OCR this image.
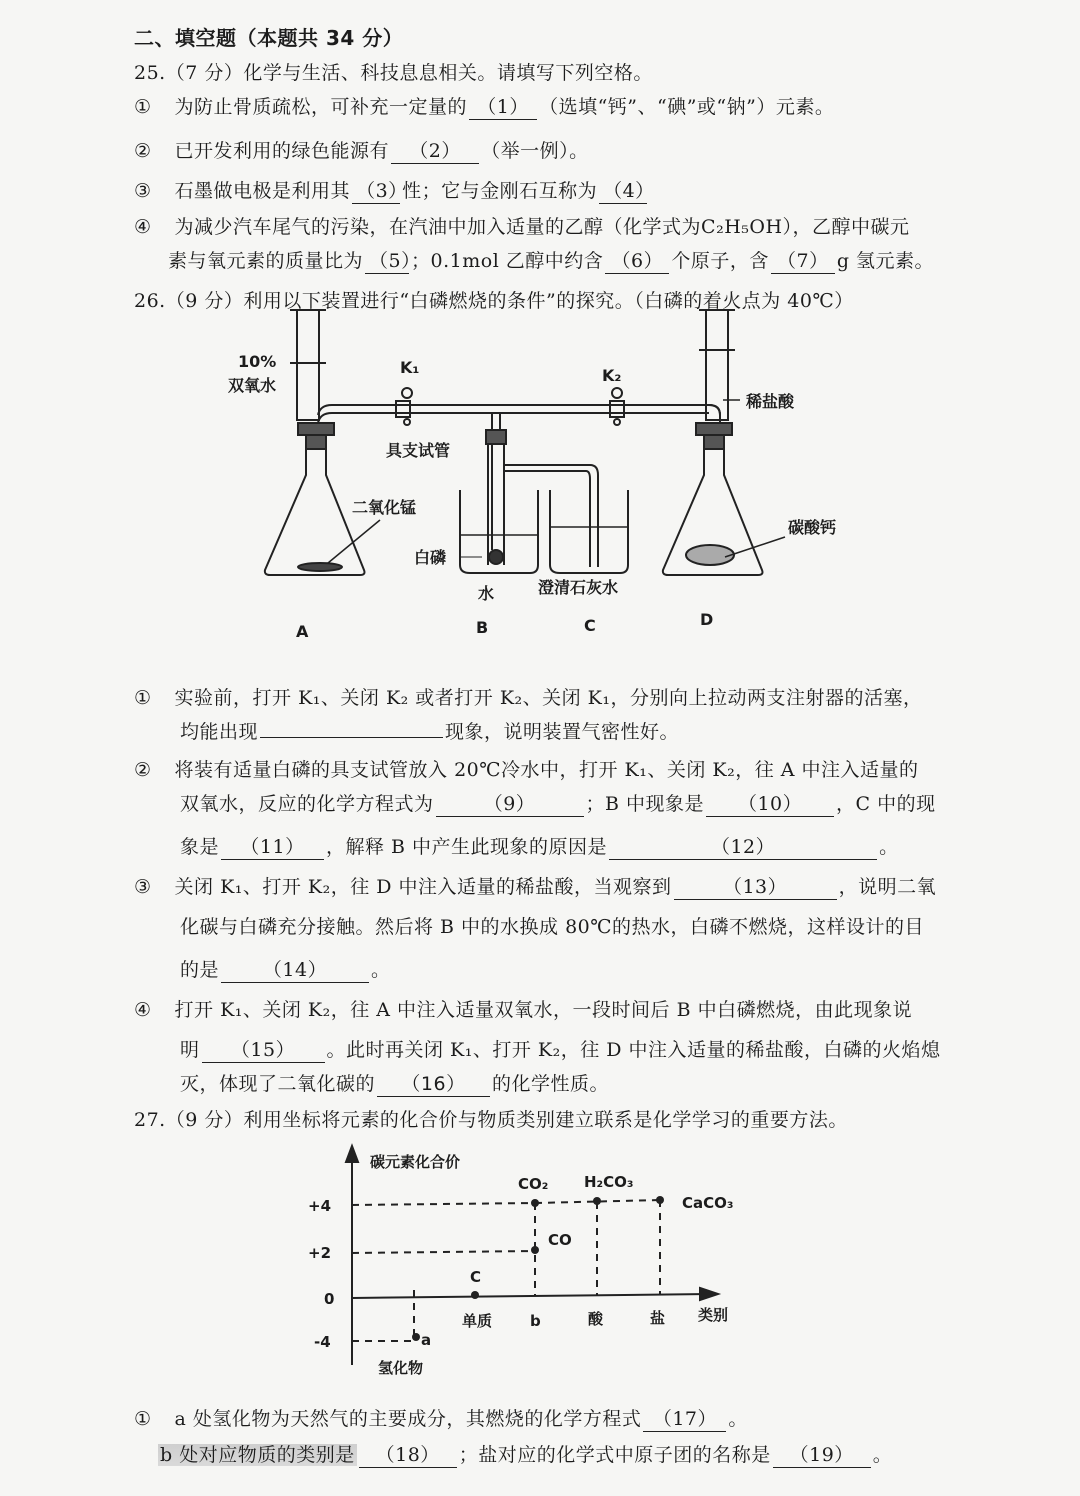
二、填空题（本题共 34 分）
25.（7 分）化学与生活、科技息息相关。请填写下列空格。
① 为防止骨质疏松，可补充一定量的 （1） （选填“钙”、“碘”或“钠”）元素。
② 已开发利用的绿色能源有 （2） （举一例）。
③ 石墨做电极是利用其 （3）性；它与金刚石互称为 （4）
④ 为减少汽车尾气的污染，在汽油中加入适量的乙醇（化学式为C₂H₅OH），乙醇中碳元
素与氧元素的质量比为 （5）；0.1mol 乙醇中约含 （6） 个原子，含 （7） g 氢元素。
26.（9 分）利用以下装置进行“白磷燃烧的条件”的探究。（白磷的着火点为 40℃）
10%
双氧水
K₁	K₂
稀盐酸
具支试管
二氧化锰
白磷
水	澄清石灰水
碳酸钙
A	B	C	D
① 实验前，打开 K₁、关闭 K₂ 或者打开 K₂、关闭 K₁，分别向上拉动两支注射器的活塞，
均能出现	现象，说明装置气密性好。
② 将装有适量白磷的具支试管放入 20℃冷水中，打开 K₁、关闭 K₂，往 A 中注入适量的
双氧水，反应的化学方程式为	（9）	；B 中现象是 （10） ，C 中的现
象是 （11） ，解释 B 中产生此现象的原因是	（12）	。
③ 关闭 K₁、打开 K₂，往 D 中注入适量的稀盐酸，当观察到	（13）	，说明二氧
化碳与白磷充分接触。然后将 B 中的水换成 80℃的热水，白磷不燃烧，这样设计的目
的是 （14） 。
④ 打开 K₁、关闭 K₂，往 A 中注入适量双氧水，一段时间后 B 中白磷燃烧，由此现象说
明 （15） 。此时再关闭 K₁、打开 K₂，往 D 中注入适量的稀盐酸，白磷的火焰熄
灭，体现了二氧化碳的 （16） 的化学性质。
27.（9 分）利用坐标将元素的化合价与物质类别建立联系是化学学习的重要方法。
碳元素化合价
+4
+2
0
-4
氢化物
单质	b	酸	盐 类别
a
C
CO
CO₂ H₂CO₃
CaCO₃
① a 处氢化物为天然气的主要成分，其燃烧的化学方程式 （17） 。
b 处对应物质的类别是 （18） ；盐对应的化学式中原子团的名称是 （19） 。
